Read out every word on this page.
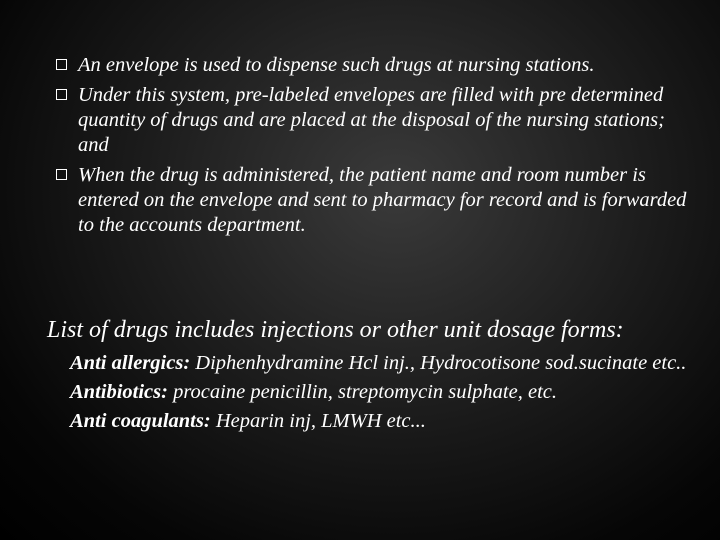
An envelope is used to dispense such drugs at nursing stations.
Under this system, pre-labeled envelopes are filled with pre determined quantity of drugs and are placed at the disposal of the nursing stations; and
When the drug is administered, the patient name and room number is entered on the envelope and sent to pharmacy for record and is forwarded to the accounts department.

List of drugs includes injections or other unit dosage forms:

Anti allergics: Diphenhydramine Hcl inj., Hydrocotisone sod.sucinate etc..
Antibiotics: procaine penicillin, streptomycin sulphate, etc.
Anti coagulants: Heparin inj, LMWH etc...
